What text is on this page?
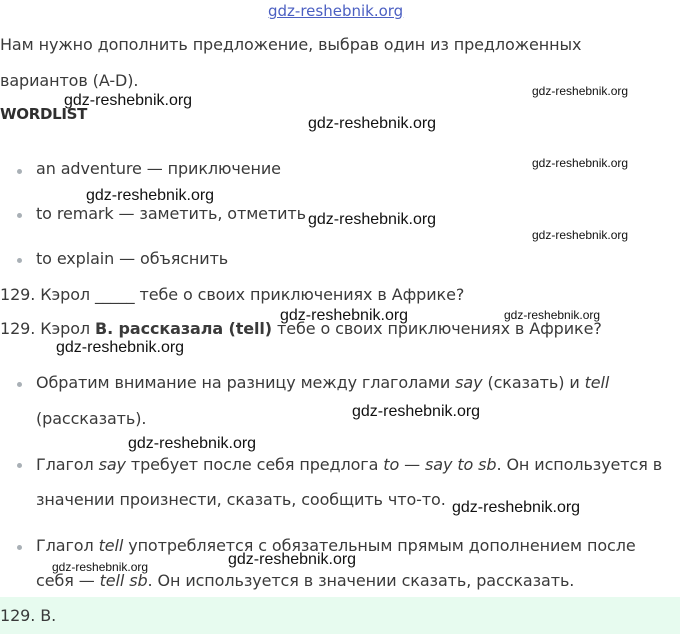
gdz-reshebnik.org
Нам нужно дополнить предложение, выбрав один из предложенных
вариантов (A-D).
WORDLIST
an adventure — приключение
to remark — заметить, отметить
to explain — объяснить
129. Кэрол _____ тебе о своих приключениях в Африке?
129. Кэрол B. рассказала (tell) тебе о своих приключениях в Африке?
Обратим внимание на разницу между глаголами say (сказать) и tell
(рассказать).
Глагол say требует после себя предлога to — say to sb. Он используется в
значении произнести, сказать, сообщить что-то.
Глагол tell употребляется с обязательным прямым дополнением после
себя — tell sb. Он используется в значении сказать, рассказать.
129. B.
gdz-reshebnik.org
gdz-reshebnik.org
gdz-reshebnik.org
gdz-reshebnik.org
gdz-reshebnik.org
gdz-reshebnik.org
gdz-reshebnik.org
gdz-reshebnik.org	gdz-reshebnik.org
gdz-reshebnik.org
gdz-reshebnik.org
gdz-reshebnik.org
gdz-reshebnik.org
gdz-reshebnik.org
gdz-reshebnik.org
